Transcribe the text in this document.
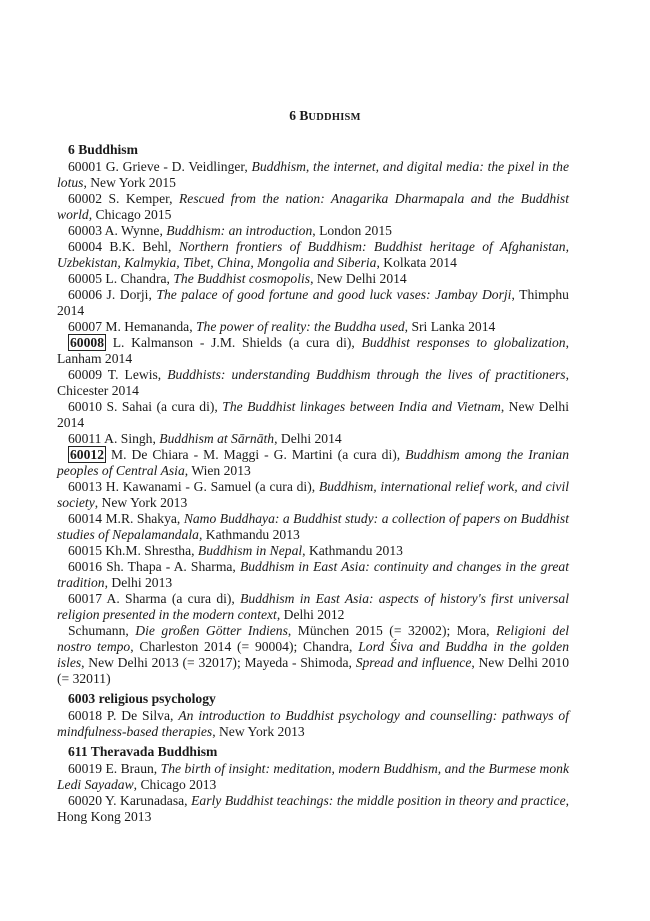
6 BUDDHISM

6 Buddhism

60001 G. Grieve - D. Veidlinger, Buddhism, the internet, and digital media: the pixel in the lotus, New York 2015

60002 S. Kemper, Rescued from the nation: Anagarika Dharmapala and the Buddhist world, Chicago 2015

60003 A. Wynne, Buddhism: an introduction, London 2015

60004 B.K. Behl, Northern frontiers of Buddhism: Buddhist heritage of Afghanistan, Uzbekistan, Kalmykia, Tibet, China, Mongolia and Siberia, Kolkata 2014

60005 L. Chandra, The Buddhist cosmopolis, New Delhi 2014

60006 J. Dorji, The palace of good fortune and good luck vases: Jambay Dorji, Thimphu 2014

60007 M. Hemananda, The power of reality: the Buddha used, Sri Lanka 2014

60008 L. Kalmanson - J.M. Shields (a cura di), Buddhist responses to globalization, Lanham 2014

60009 T. Lewis, Buddhists: understanding Buddhism through the lives of practitioners, Chicester 2014

60010 S. Sahai (a cura di), The Buddhist linkages between India and Vietnam, New Delhi 2014

60011 A. Singh, Buddhism at Sārnāth, Delhi 2014

60012 M. De Chiara - M. Maggi - G. Martini (a cura di), Buddhism among the Iranian peoples of Central Asia, Wien 2013

60013 H. Kawanami - G. Samuel (a cura di), Buddhism, international relief work, and civil society, New York 2013

60014 M.R. Shakya, Namo Buddhaya: a Buddhist study: a collection of papers on Buddhist studies of Nepalamandala, Kathmandu 2013

60015 Kh.M. Shrestha, Buddhism in Nepal, Kathmandu 2013

60016 Sh. Thapa - A. Sharma, Buddhism in East Asia: continuity and changes in the great tradition, Delhi 2013

60017 A. Sharma (a cura di), Buddhism in East Asia: aspects of history's first universal religion presented in the modern context, Delhi 2012

Schumann, Die großen Götter Indiens, München 2015 (= 32002); Mora, Religioni del nostro tempo, Charleston 2014 (= 90004); Chandra, Lord Śiva and Buddha in the golden isles, New Delhi 2013 (= 32017); Mayeda - Shimoda, Spread and influence, New Delhi 2010 (= 32011)

6003 religious psychology

60018 P. De Silva, An introduction to Buddhist psychology and counselling: pathways of mindfulness-based therapies, New York 2013

611 Theravada Buddhism

60019 E. Braun, The birth of insight: meditation, modern Buddhism, and the Burmese monk Ledi Sayadaw, Chicago 2013

60020 Y. Karunadasa, Early Buddhist teachings: the middle position in theory and practice, Hong Kong 2013
